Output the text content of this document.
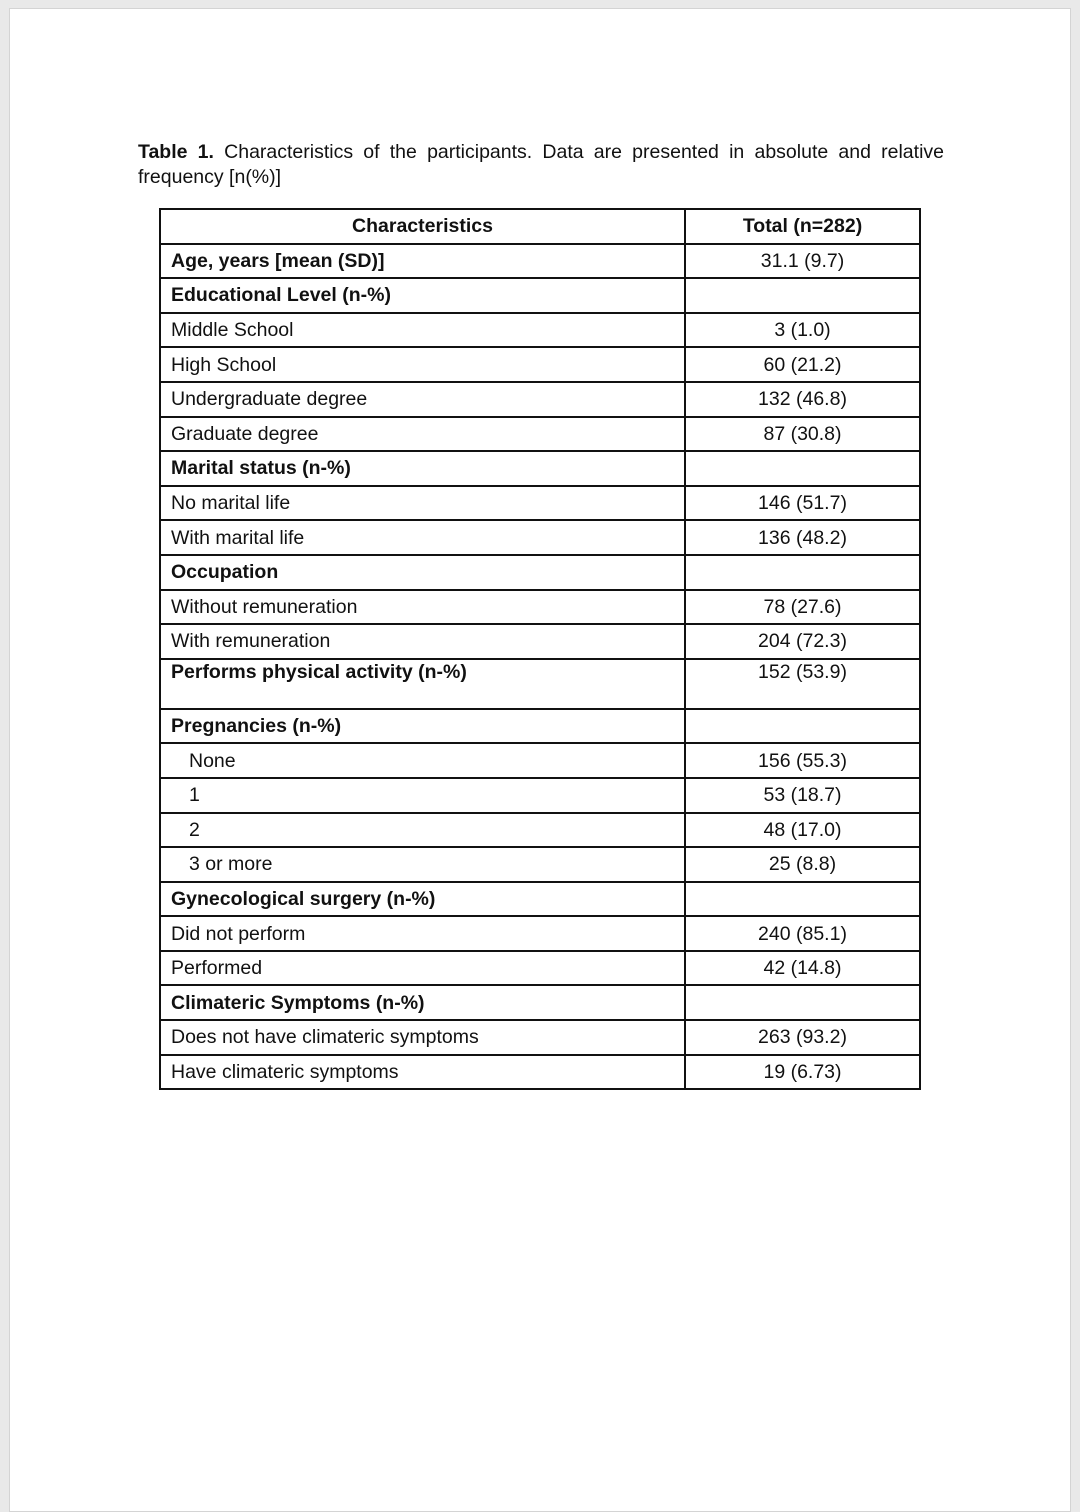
Table 1. Characteristics of the participants. Data are presented in absolute and relative frequency [n(%)]
Characteristics	Total (n=282)
Age, years [mean (SD)]	31.1 (9.7)
Educational Level (n-%)	
Middle School	3 (1.0)
High School	60 (21.2)
Undergraduate degree	132 (46.8)
Graduate degree	87 (30.8)
Marital status (n-%)	
No marital life	146 (51.7)
With marital life	136 (48.2)
Occupation	
Without remuneration	78 (27.6)
With remuneration	204 (72.3)
Performs physical activity (n-%)	152 (53.9)
Pregnancies (n-%)	
None	156 (55.3)
1	53 (18.7)
2	48 (17.0)
3 or more	25 (8.8)
Gynecological surgery (n-%)	
Did not perform	240 (85.1)
Performed	42 (14.8)
Climateric Symptoms (n-%)	
Does not have climateric symptoms	263 (93.2)
Have climateric symptoms	19 (6.73)
